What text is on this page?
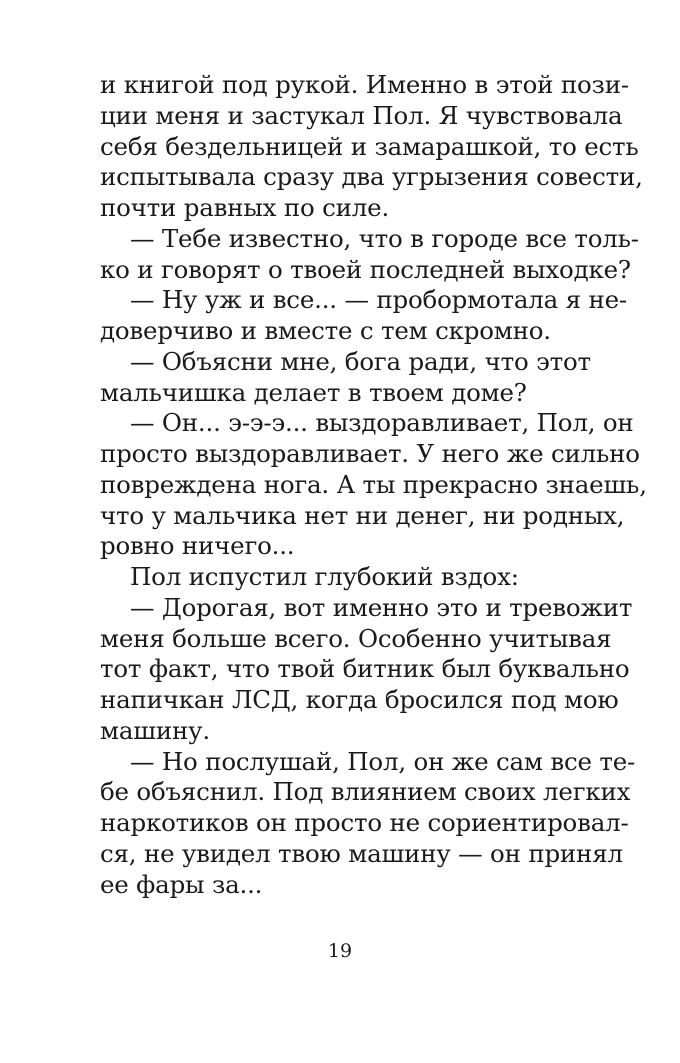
и книгой под рукой. Именно в этой пози-
ции меня и застукал Пол. Я чувствовала
себя бездельницей и замарашкой, то есть
испытывала сразу два угрызения совести,
почти равных по силе.
— Тебе известно, что в городе все толь-
ко и говорят о твоей последней выходке?
— Ну уж и все... — пробормотала я не-
доверчиво и вместе с тем скромно.
— Объясни мне, бога ради, что этот
мальчишка делает в твоем доме?
— Он... э-э-э... выздоравливает, Пол, он
просто выздоравливает. У него же сильно
повреждена нога. А ты прекрасно знаешь,
что у мальчика нет ни денег, ни родных,
ровно ничего...
Пол испустил глубокий вздох:
— Дорогая, вот именно это и тревожит
меня больше всего. Особенно учитывая
тот факт, что твой битник был буквально
напичкан ЛСД, когда бросился под мою
машину.
— Но послушай, Пол, он же сам все те-
бе объяснил. Под влиянием своих легких
наркотиков он просто не сориентировал-
ся, не увидел твою машину — он принял
ее фары за...
19
